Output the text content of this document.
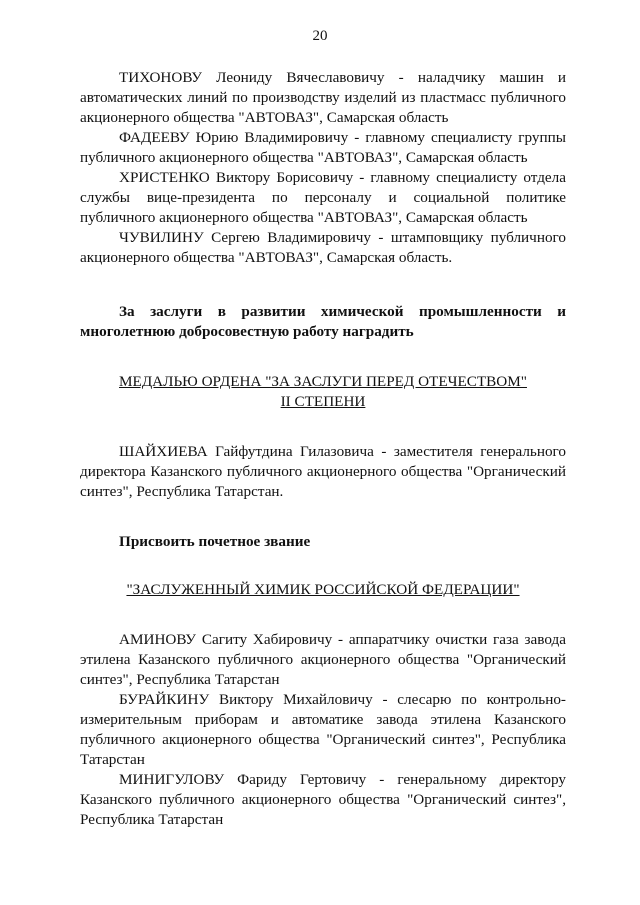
20

ТИХОНОВУ Леониду Вячеславовичу - наладчику машин и автоматических линий по производству изделий из пластмасс публичного акционерного общества "АВТОВАЗ", Самарская область

ФАДЕЕВУ Юрию Владимировичу - главному специалисту группы публичного акционерного общества "АВТОВАЗ", Самарская область

ХРИСТЕНКО Виктору Борисовичу - главному специалисту отдела службы вице-президента по персоналу и социальной политике публичного акционерного общества "АВТОВАЗ", Самарская область

ЧУВИЛИНУ Сергею Владимировичу - штамповщику публичного акционерного общества "АВТОВАЗ", Самарская область.

За заслуги в развитии химической промышленности и многолетнюю добросовестную работу наградить

МЕДАЛЬЮ ОРДЕНА "ЗА ЗАСЛУГИ ПЕРЕД ОТЕЧЕСТВОМ"

II СТЕПЕНИ

ШАЙХИЕВА Гайфутдина Гилазовича - заместителя генерального директора Казанского публичного акционерного общества "Органический синтез", Республика Татарстан.

Присвоить почетное звание

"ЗАСЛУЖЕННЫЙ ХИМИК РОССИЙСКОЙ ФЕДЕРАЦИИ"

АМИНОВУ Сагиту Хабировичу - аппаратчику очистки газа завода этилена Казанского публичного акционерного общества "Органический синтез", Республика Татарстан

БУРАЙКИНУ Виктору Михайловичу - слесарю по контрольно-измерительным приборам и автоматике завода этилена Казанского публичного акционерного общества "Органический синтез", Республика Татарстан

МИНИГУЛОВУ Фариду Гертовичу - генеральному директору Казанского публичного акционерного общества "Органический синтез", Республика Татарстан
